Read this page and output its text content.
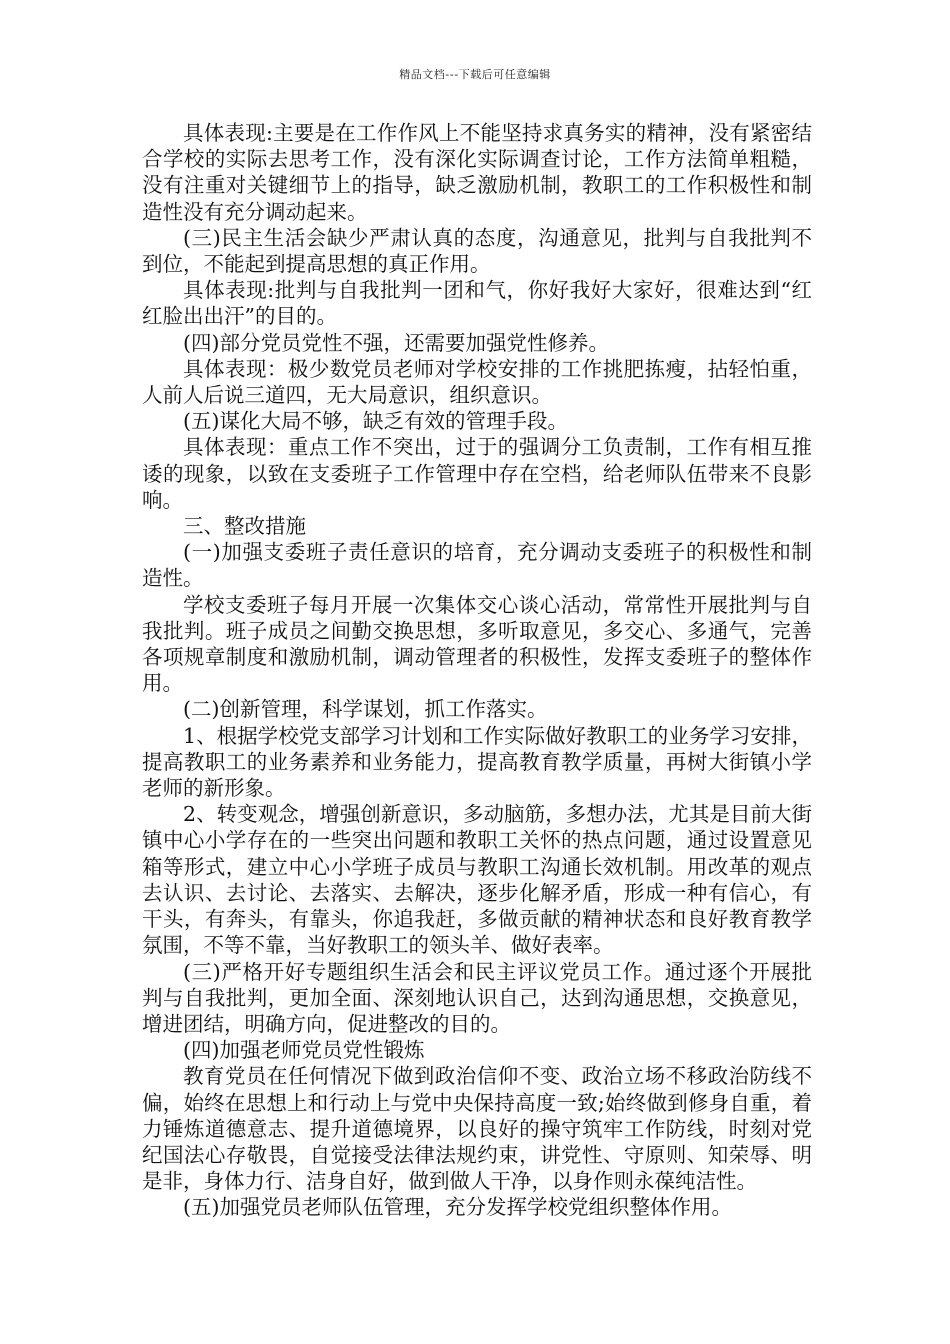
精品文档---下载后可任意编辑

具体表现:主要是在工作作风上不能坚持求真务实的精神，没有紧密结合学校的实际去思考工作，没有深化实际调查讨论，工作方法简单粗糙，没有注重对关键细节上的指导，缺乏激励机制，教职工的工作积极性和制造性没有充分调动起来。

(三)民主生活会缺少严肃认真的态度，沟通意见，批判与自我批判不到位，不能起到提高思想的真正作用。

具体表现:批判与自我批判一团和气，你好我好大家好，很难达到“红红脸出出汗”的目的。

(四)部分党员党性不强，还需要加强党性修养。

具体表现：极少数党员老师对学校安排的工作挑肥拣瘦，拈轻怕重，人前人后说三道四，无大局意识，组织意识。

(五)谋化大局不够，缺乏有效的管理手段。

具体表现：重点工作不突出，过于的强调分工负责制，工作有相互推诿的现象，以致在支委班子工作管理中存在空档，给老师队伍带来不良影响。

三、整改措施

(一)加强支委班子责任意识的培育，充分调动支委班子的积极性和制造性。

学校支委班子每月开展一次集体交心谈心活动，常常性开展批判与自我批判。班子成员之间勤交换思想，多听取意见，多交心、多通气，完善各项规章制度和激励机制，调动管理者的积极性，发挥支委班子的整体作用。

(二)创新管理，科学谋划，抓工作落实。

1、根据学校党支部学习计划和工作实际做好教职工的业务学习安排，提高教职工的业务素养和业务能力，提高教育教学质量，再树大街镇小学老师的新形象。

2、转变观念，增强创新意识，多动脑筋，多想办法，尤其是目前大街镇中心小学存在的一些突出问题和教职工关怀的热点问题，通过设置意见箱等形式，建立中心小学班子成员与教职工沟通长效机制。用改革的观点去认识、去讨论、去落实、去解决，逐步化解矛盾，形成一种有信心，有干头，有奔头，有靠头，你追我赶，多做贡献的精神状态和良好教育教学氛围，不等不靠，当好教职工的领头羊、做好表率。

(三)严格开好专题组织生活会和民主评议党员工作。通过逐个开展批判与自我批判，更加全面、深刻地认识自己，达到沟通思想，交换意见，增进团结，明确方向，促进整改的目的。

(四)加强老师党员党性锻炼

教育党员在任何情况下做到政治信仰不变、政治立场不移政治防线不偏，始终在思想上和行动上与党中央保持高度一致;始终做到修身自重，着力锤炼道德意志、提升道德境界，以良好的操守筑牢工作防线，时刻对党纪国法心存敬畏，自觉接受法律法规约束，讲党性、守原则、知荣辱、明是非，身体力行、洁身自好，做到做人干净，以身作则永葆纯洁性。

(五)加强党员老师队伍管理，充分发挥学校党组织整体作用。
